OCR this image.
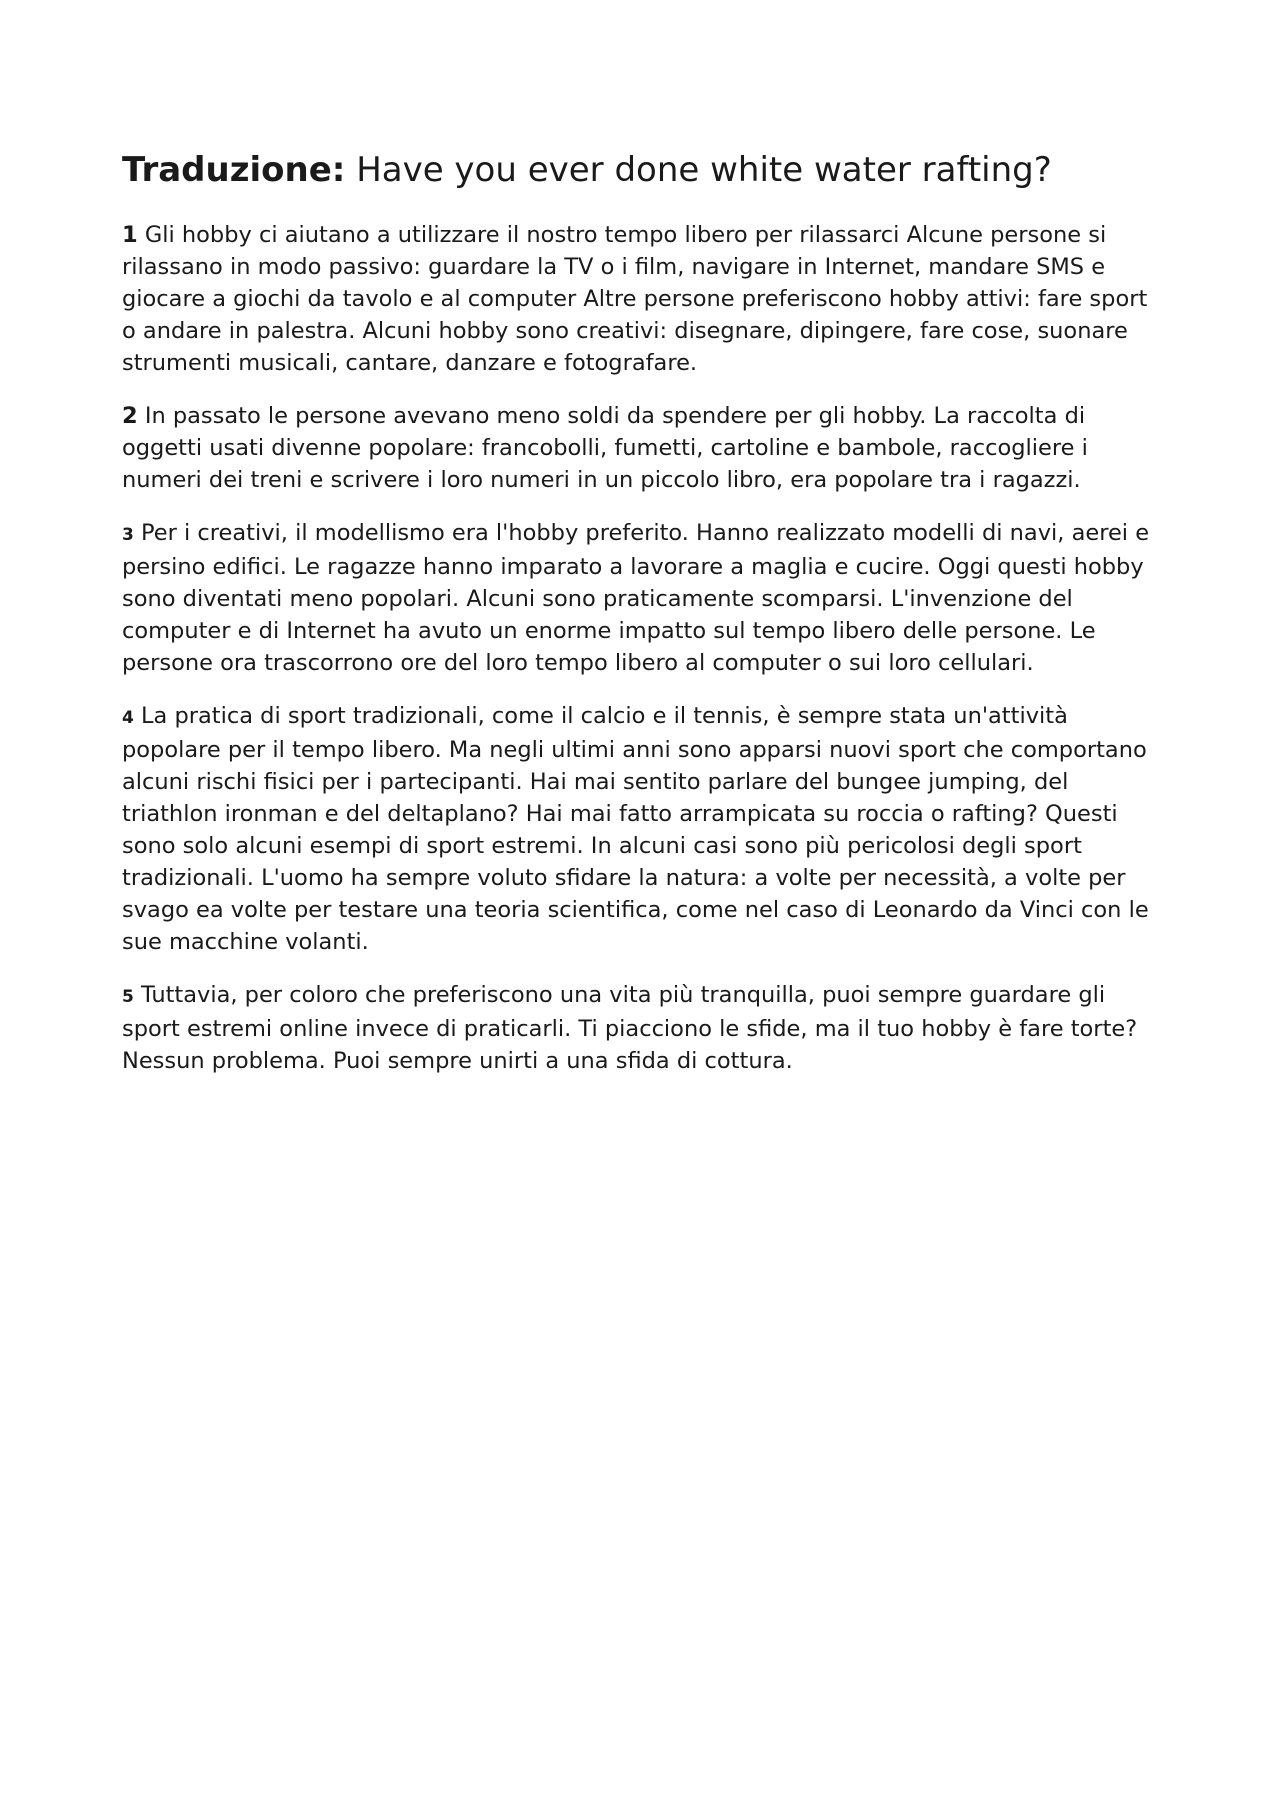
Traduzione: Have you ever done white water rafting?

1 Gli hobby ci aiutano a utilizzare il nostro tempo libero per rilassarci Alcune persone si rilassano in modo passivo: guardare la TV o i film, navigare in Internet, mandare SMS e giocare a giochi da tavolo e al computer Altre persone preferiscono hobby attivi: fare sport o andare in palestra. Alcuni hobby sono creativi: disegnare, dipingere, fare cose, suonare strumenti musicali, cantare, danzare e fotografare.

2 In passato le persone avevano meno soldi da spendere per gli hobby. La raccolta di oggetti usati divenne popolare: francobolli, fumetti, cartoline e bambole, raccogliere i numeri dei treni e scrivere i loro numeri in un piccolo libro, era popolare tra i ragazzi.

3 Per i creativi, il modellismo era l'hobby preferito. Hanno realizzato modelli di navi, aerei e persino edifici. Le ragazze hanno imparato a lavorare a maglia e cucire. Oggi questi hobby sono diventati meno popolari. Alcuni sono praticamente scomparsi. L'invenzione del computer e di Internet ha avuto un enorme impatto sul tempo libero delle persone. Le persone ora trascorrono ore del loro tempo libero al computer o sui loro cellulari.

4 La pratica di sport tradizionali, come il calcio e il tennis, è sempre stata un'attività popolare per il tempo libero. Ma negli ultimi anni sono apparsi nuovi sport che comportano alcuni rischi fisici per i partecipanti. Hai mai sentito parlare del bungee jumping, del triathlon ironman e del deltaplano? Hai mai fatto arrampicata su roccia o rafting? Questi sono solo alcuni esempi di sport estremi. In alcuni casi sono più pericolosi degli sport tradizionali. L'uomo ha sempre voluto sfidare la natura: a volte per necessità, a volte per svago ea volte per testare una teoria scientifica, come nel caso di Leonardo da Vinci con le sue macchine volanti.

5 Tuttavia, per coloro che preferiscono una vita più tranquilla, puoi sempre guardare gli sport estremi online invece di praticarli. Ti piacciono le sfide, ma il tuo hobby è fare torte? Nessun problema. Puoi sempre unirti a una sfida di cottura.
